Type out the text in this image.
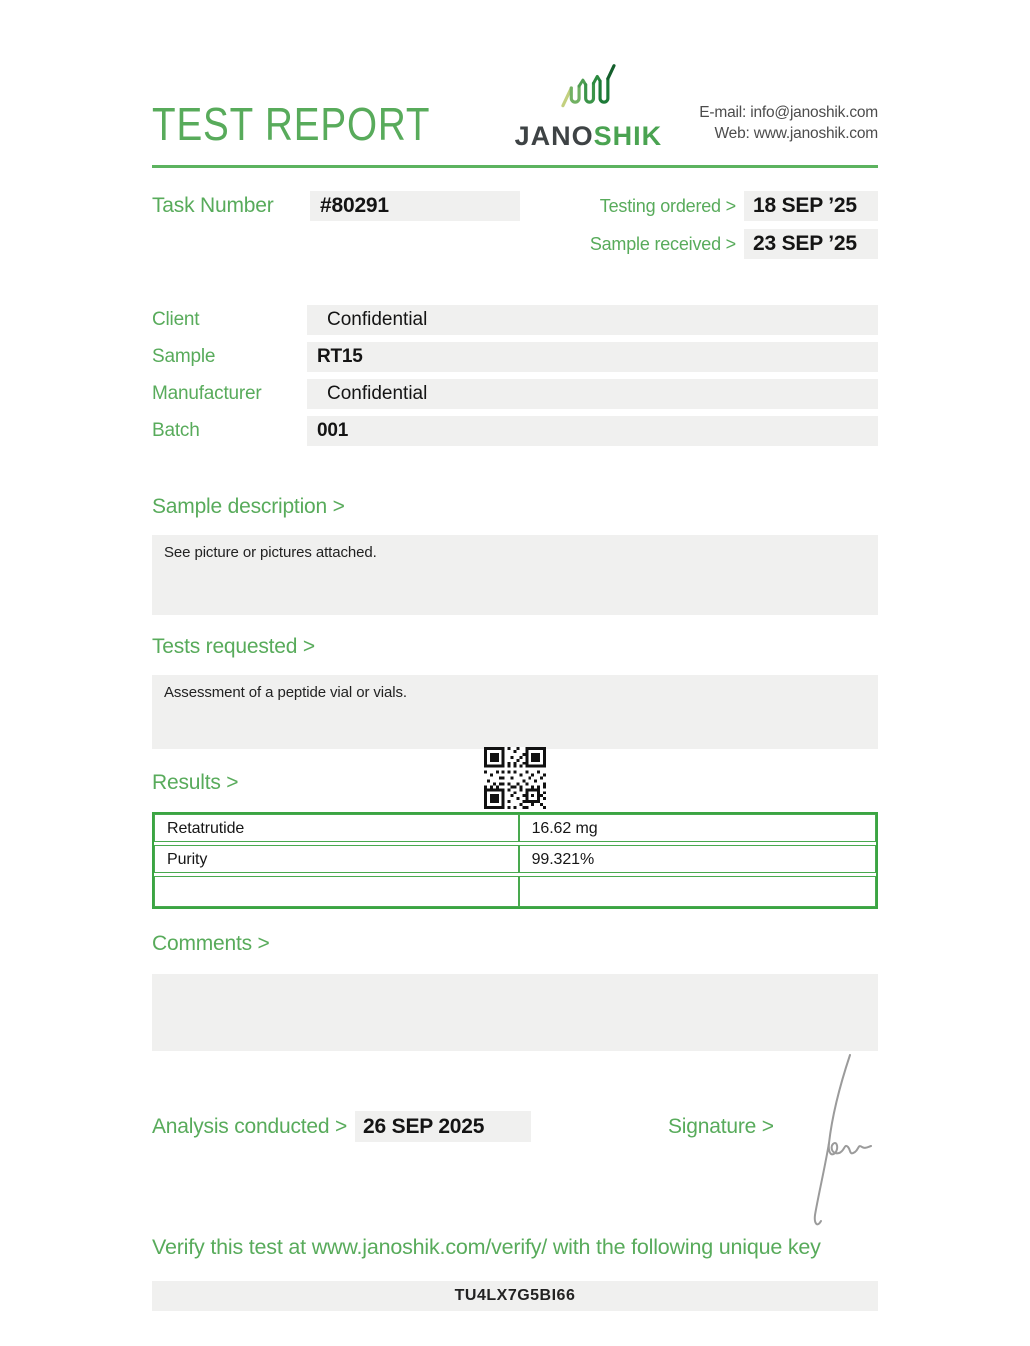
TEST REPORT	JANOSHIK
E-mail: info@janoshik.com
Web: www.janoshik.com
Task Number	#80291	Testing ordered > 18 SEP ’25
Sample received > 23 SEP ’25
Client	Confidential
Sample	RT15
Manufacturer	Confidential
Batch	001
Sample description >
See picture or pictures attached.
Tests requested >
Assessment of a peptide vial or vials.
Results >
Retatrutide	16.62 mg
Purity	99.321%
Comments >
Analysis conducted > 26 SEP 2025	Signature >
Verify this test at www.janoshik.com/verify/ with the following unique key
TU4LX7G5BI66
